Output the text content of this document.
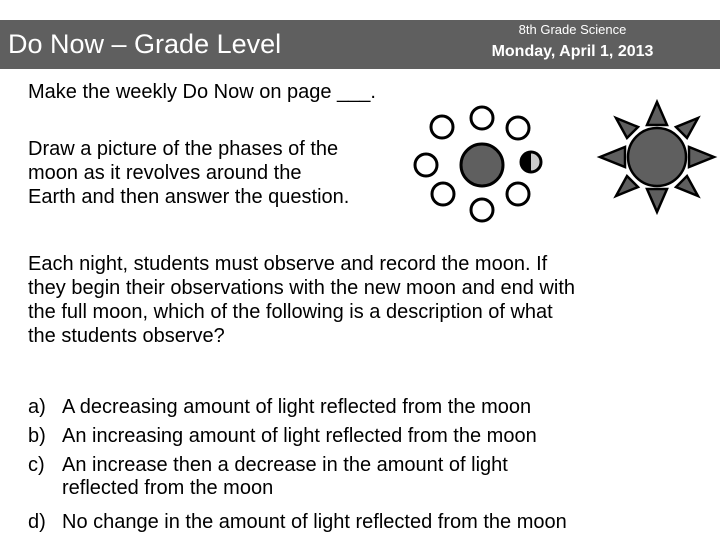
Do Now – Grade Level	8th Grade Science
Monday, April 1, 2013
Make the weekly Do Now on page ___.
Draw a picture of the phases of the
moon as it revolves around the
Earth and then answer the question.
Each night, students must observe and record the moon. If
they begin their observations with the new moon and end with
the full moon, which of the following is a description of what
the students observe?
a) A decreasing amount of light reflected from the moon
b) An increasing amount of light reflected from the moon
c) An increase then a decrease in the amount of light
reflected from the moon
d) No change in the amount of light reflected from the moon
